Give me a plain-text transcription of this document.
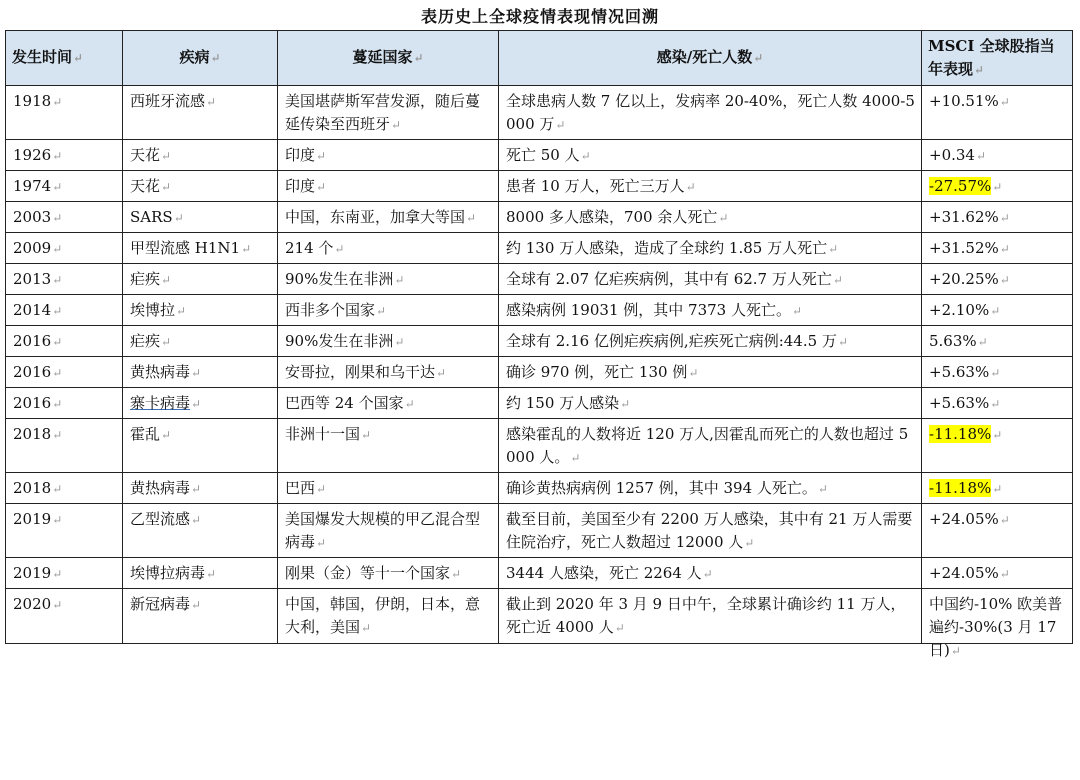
表历史上全球疫情表现情况回溯
发生时间↵	疾病↵	蔓延国家↵	感染/死亡人数↵	MSCI 全球股指当年表现↵

1918↵	西班牙流感↵	美国堪萨斯军营发源，随后蔓延传染至西班牙↵	全球患病人数 7 亿以上，发病率 20-40%，死亡人数 4000-5000 万↵	+10.51%↵

1926↵	天花↵	印度↵	死亡 50 人↵	+0.34↵

1974↵	天花↵	印度↵	患者 10 万人，死亡三万人↵	-27.57%↵

2003↵	SARS↵	中国，东南亚，加拿大等国↵	8000 多人感染，700 余人死亡↵	+31.62%↵

2009↵	甲型流感 H1N1↵	214 个↵	约 130 万人感染，造成了全球约 1.85 万人死亡↵	+31.52%↵

2013↵	疟疾↵	90%发生在非洲↵	全球有 2.07 亿疟疾病例，其中有 62.7 万人死亡↵	+20.25%↵

2014↵	埃博拉↵	西非多个国家↵	感染病例 19031 例，其中 7373 人死亡。↵	+2.10%↵

2016↵	疟疾↵	90%发生在非洲↵	全球有 2.16 亿例疟疾病例,疟疾死亡病例:44.5 万↵	5.63%↵

2016↵	黄热病毒↵	安哥拉，刚果和乌干达↵	确诊 970 例，死亡 130 例↵	+5.63%↵

2016↵	寨卡病毒↵	巴西等 24 个国家↵	约 150 万人感染↵	+5.63%↵

2018↵	霍乱↵	非洲十一国↵	感染霍乱的人数将近 120 万人,因霍乱而死亡的人数也超过 5000 人。↵	-11.18%↵

2018↵	黄热病毒↵	巴西↵	确诊黄热病病例 1257 例，其中 394 人死亡。↵	-11.18%↵

2019↵	乙型流感↵	美国爆发大规模的甲乙混合型病毒↵	截至目前，美国至少有 2200 万人感染，其中有 21 万人需要住院治疗，死亡人数超过 12000 人↵	+24.05%↵

2019↵	埃博拉病毒↵	刚果（金）等十一个国家↵	3444 人感染，死亡 2264 人↵	+24.05%↵

2020↵	新冠病毒↵	中国，韩国，伊朗，日本，意大利，美国↵	截止到 2020 年 3 月 9 日中午，全球累计确诊约 11 万人，死亡近 4000 人↵	中国约-10% 欧美普遍约-30%(3 月 17 日)↵
